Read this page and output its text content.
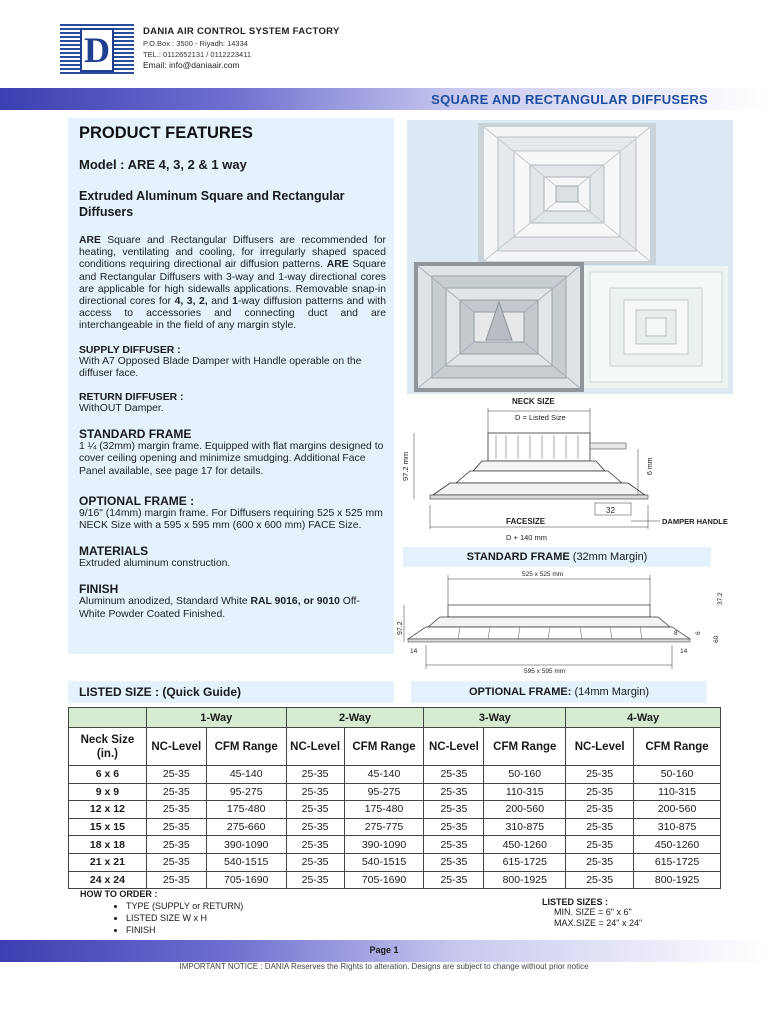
D	DANIA AIR CONTROL SYSTEM FACTORY
P.O.Box : 3500 - Riyadh: 14334
TEL.: 0112652131 / 0112223411
Email: info@daniaair.com
SQUARE AND RECTANGULAR DIFFUSERS
PRODUCT FEATURES
Model : ARE 4, 3, 2 & 1 way
Extruded Aluminum Square and Rectangular Diffusers

ARE Square and Rectangular Diffusers are recommended for heating, ventilating and cooling, for irregularly shaped spaced conditions requiring directional air diffusion patterns. ARE Square and Rectangular Diffusers with 3-way and 1-way directional cores are applicable for high sidewalls applications. Removable snap-in directional cores for 4, 3, 2, and 1-way diffusion patterns and with access to accessories and connecting duct and are interchangeable in the field of any margin style.

SUPPLY DIFFUSER :

With A7 Opposed Blade Damper with Handle operable on the diffuser face.

RETURN DIFFUSER :

WithOUT Damper.

STANDARD FRAME

1 ¼ (32mm) margin frame. Equipped with flat margins designed to cover ceiling opening and minimize smudging. Additional Face Panel available, see page 17 for details.

OPTIONAL FRAME :

9/16" (14mm) margin frame. For Diffusers requiring 525 x 525 mm NECK Size with a 595 x 595 mm (600 x 600 mm) FACE Size.

MATERIALS

Extruded aluminum construction.

FINISH

Aluminum anodized, Standard White RAL 9016, or 9010 Off-White Powder Coated Finished.

NECK SIZE
D = Listed Size
97.2 mm	6 mm
32
DAMPER HANDLE
FACESIZE
D + 140 mm
STANDARD FRAME (32mm Margin)
525 x 525 mm
97.2
37.2
8	6
60
14	14
595 x 595 mm
LISTED SIZE : (Quick Guide)	OPTIONAL FRAME: (14mm Margin)
	1-Way		2-Way		3-Way		4-Way	
Neck Size (in.)	NC-Level	CFM Range	NC-Level	CFM Range	NC-Level	CFM Range	NC-Level	CFM Range
6 x 6	25-35	45-140	25-35	45-140	25-35	50-160	25-35	50-160
9 x 9	25-35	95-275	25-35	95-275	25-35	110-315	25-35	110-315
12 x 12	25-35	175-480	25-35	175-480	25-35	200-560	25-35	200-560
15 x 15	25-35	275-660	25-35	275-775	25-35	310-875	25-35	310-875
18 x 18	25-35	390-1090	25-35	390-1090	25-35	450-1260	25-35	450-1260
21 x 21	25-35	540-1515	25-35	540-1515	25-35	615-1725	25-35	615-1725
24 x 24	25-35	705-1690	25-35	705-1690	25-35	800-1925	25-35	800-1925
HOW TO ORDER :
• TYPE (SUPPLY or RETURN)
• LISTED SIZE W x H
• FINISH
LISTED SIZES :
MIN. SIZE = 6" x 6"
MAX.SIZE = 24" x 24"
Page 1
IMPORTANT NOTICE : DANIA Reserves the Rights to alteration. Designs are subject to change without prior notice
